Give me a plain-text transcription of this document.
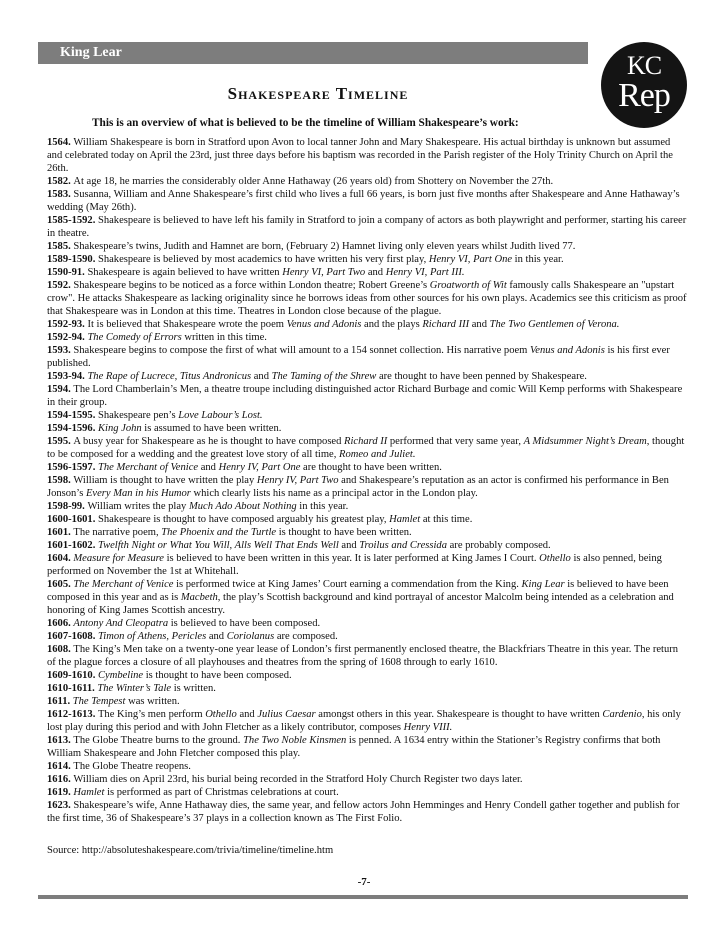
King Lear	KC
Rep
Shakespeare Timeline
This is an overview of what is believed to be the timeline of William Shakespeare’s work:
1564. William Shakespeare is born in Stratford upon Avon to local tanner John and Mary Shakespeare. His actual birthday is unknown but assumed and celebrated today on April the 23rd, just three days before his baptism was recorded in the Parish register of the Holy Trinity Church on April the 26th.
1582. At age 18, he marries the considerably older Anne Hathaway (26 years old) from Shottery on November the 27th.
1583. Susanna, William and Anne Shakespeare’s first child who lives a full 66 years, is born just five months after Shakespeare and Anne Hathaway’s wedding (May 26th).
1585-1592. Shakespeare is believed to have left his family in Stratford to join a company of actors as both playwright and performer, starting his career in theatre.
1585. Shakespeare’s twins, Judith and Hamnet are born, (February 2) Hamnet living only eleven years whilst Judith lived 77.
1589-1590. Shakespeare is believed by most academics to have written his very first play, Henry VI, Part One in this year.
1590-91. Shakespeare is again believed to have written Henry VI, Part Two and Henry VI, Part III.
1592. Shakespeare begins to be noticed as a force within London theatre; Robert Greene’s Groatworth of Wit famously calls Shakespeare an "upstart crow". He attacks Shakespeare as lacking originality since he borrows ideas from other sources for his own plays. Academics see this criticism as proof that Shakespeare was in London at this time. Theatres in London close because of the plague.
1592-93. It is believed that Shakespeare wrote the poem Venus and Adonis and the plays Richard III and The Two Gentlemen of Verona.
1592-94. The Comedy of Errors written in this time.
1593. Shakespeare begins to compose the first of what will amount to a 154 sonnet collection. His narrative poem Venus and Adonis is his first ever published.
1593-94. The Rape of Lucrece, Titus Andronicus and The Taming of the Shrew are thought to have been penned by Shakespeare.
1594. The Lord Chamberlain’s Men, a theatre troupe including distinguished actor Richard Burbage and comic Will Kemp performs with Shakespeare in their group.
1594-1595. Shakespeare pen’s Love Labour’s Lost.
1594-1596. King John is assumed to have been written.
1595. A busy year for Shakespeare as he is thought to have composed Richard II performed that very same year, A Midsummer Night’s Dream, thought to be composed for a wedding and the greatest love story of all time, Romeo and Juliet.
1596-1597. The Merchant of Venice and Henry IV, Part One are thought to have been written.
1598. William is thought to have written the play Henry IV, Part Two and Shakespeare’s reputation as an actor is confirmed his performance in Ben Jonson’s Every Man in his Humor which clearly lists his name as a principal actor in the London play.
1598-99. William writes the play Much Ado About Nothing in this year.
1600-1601. Shakespeare is thought to have composed arguably his greatest play, Hamlet at this time.
1601. The narrative poem, The Phoenix and the Turtle is thought to have been written.
1601-1602. Twelfth Night or What You Will, Alls Well That Ends Well and Troilus and Cressida are probably composed.
1604. Measure for Measure is believed to have been written in this year. It is later performed at King James I Court. Othello is also penned, being performed on November the 1st at Whitehall.
1605. The Merchant of Venice is performed twice at King James’ Court earning a commendation from the King. King Lear is believed to have been composed in this year and as is Macbeth, the play’s Scottish background and kind portrayal of ancestor Malcolm being intended as a celebration and honoring of King James Scottish ancestry.
1606. Antony And Cleopatra is believed to have been composed.
1607-1608. Timon of Athens, Pericles and Coriolanus are composed.
1608. The King’s Men take on a twenty-one year lease of London’s first permanently enclosed theatre, the Blackfriars Theatre in this year. The return of the plague forces a closure of all playhouses and theatres from the spring of 1608 through to early 1610.
1609-1610. Cymbeline is thought to have been composed.
1610-1611. The Winter’s Tale is written.
1611. The Tempest was written.
1612-1613. The King’s men perform Othello and Julius Caesar amongst others in this year. Shakespeare is thought to have written Cardenio, his only lost play during this period and with John Fletcher as a likely contributor, composes Henry VIII.
1613. The Globe Theatre burns to the ground. The Two Noble Kinsmen is penned. A 1634 entry within the Stationer’s Registry confirms that both William Shakespeare and John Fletcher composed this play.
1614. The Globe Theatre reopens.
1616. William dies on April 23rd, his burial being recorded in the Stratford Holy Church Register two days later.
1619. Hamlet is performed as part of Christmas celebrations at court.
1623. Shakespeare’s wife, Anne Hathaway dies, the same year, and fellow actors John Hemminges and Henry Condell gather together and publish for the first time, 36 of Shakespeare’s 37 plays in a collection known as The First Folio.
Source: http://absoluteshakespeare.com/trivia/timeline/timeline.htm
-7-
